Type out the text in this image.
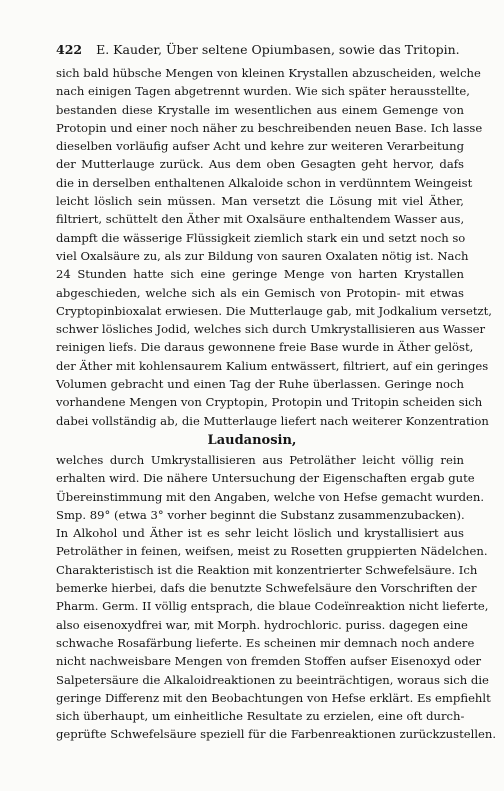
422 E. Kauder, Über seltene Opiumbasen, sowie das Tritopin.
sich bald hübsche Mengen von kleinen Krystallen abzuscheiden, welche
nach einigen Tagen abgetrennt wurden. Wie sich später herausstellte,
bestanden diese Krystalle im wesentlichen aus einem Gemenge von
Protopin und einer noch näher zu beschreibenden neuen Base. Ich lasse
dieselben vorläufig aufser Acht und kehre zur weiteren Verarbeitung
der Mutterlauge zurück. Aus dem oben Gesagten geht hervor, dafs
die in derselben enthaltenen Alkaloide schon in verdünntem Weingeist
leicht löslich sein müssen. Man versetzt die Lösung mit viel Äther,
filtriert, schüttelt den Äther mit Oxalsäure enthaltendem Wasser aus,
dampft die wässerige Flüssigkeit ziemlich stark ein und setzt noch so
viel Oxalsäure zu, als zur Bildung von sauren Oxalaten nötig ist. Nach
24 Stunden hatte sich eine geringe Menge von harten Krystallen
abgeschieden, welche sich als ein Gemisch von Protopin- mit etwas
Cryptopinbioxalat erwiesen. Die Mutterlauge gab, mit Jodkalium versetzt,
schwer lösliches Jodid, welches sich durch Umkrystallisieren aus Wasser
reinigen liefs. Die daraus gewonnene freie Base wurde in Äther gelöst,
der Äther mit kohlensaurem Kalium entwässert, filtriert, auf ein geringes
Volumen gebracht und einen Tag der Ruhe überlassen. Geringe noch
vorhandene Mengen von Cryptopin, Protopin und Tritopin scheiden sich
dabei vollständig ab, die Mutterlauge liefert nach weiterer Konzentration
Laudanosin,
welches durch Umkrystallisieren aus Petroläther leicht völlig rein
erhalten wird. Die nähere Untersuchung der Eigenschaften ergab gute
Übereinstimmung mit den Angaben, welche von Hefse gemacht wurden.
Smp. 89° (etwa 3° vorher beginnt die Substanz zusammenzubacken).
In Alkohol und Äther ist es sehr leicht löslich und krystallisiert aus
Petroläther in feinen, weifsen, meist zu Rosetten gruppierten Nädelchen.
Charakteristisch ist die Reaktion mit konzentrierter Schwefelsäure. Ich
bemerke hierbei, dafs die benutzte Schwefelsäure den Vorschriften der
Pharm. Germ. II völlig entsprach, die blaue Codeïnreaktion nicht lieferte,
also eisenoxydfrei war, mit Morph. hydrochloric. puriss. dagegen eine
schwache Rosafärbung lieferte. Es scheinen mir demnach noch andere
nicht nachweisbare Mengen von fremden Stoffen aufser Eisenoxyd oder
Salpetersäure die Alkaloidreaktionen zu beeinträchtigen, woraus sich die
geringe Differenz mit den Beobachtungen von Hefse erklärt. Es empfiehlt
sich überhaupt, um einheitliche Resultate zu erzielen, eine oft durch-
geprüfte Schwefelsäure speziell für die Farbenreaktionen zurückzustellen.
